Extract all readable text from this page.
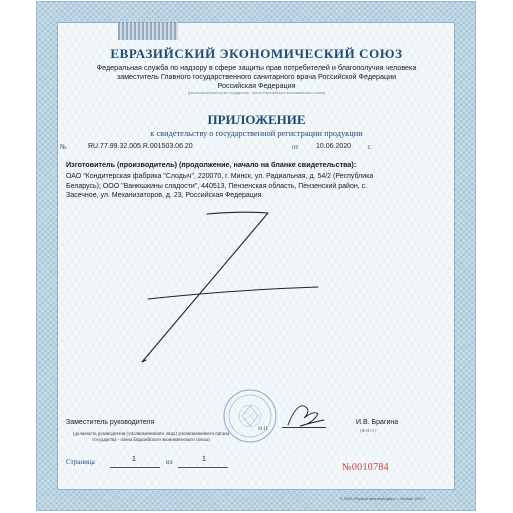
ЕВРАЗИЙСКИЙ ЭКОНОМИЧЕСКИЙ СОЮЗ
Федеральная служба по надзору в сфере защиты прав потребителей и благополучия человека
заместитель Главного государственного санитарного врача Российской Федерации
Российская Федерация
(уполномоченный орган государства - члена Евразийского экономического союза)
ПРИЛОЖЕНИЕ
к свидетельству о государственной регистрации продукции
№	RU.77.99.32.005.R.001503.06.20	от	10.06.2020 г.
Изготовитель (производитель) (продолжение, начало на бланке свидетельства):
ОАО "Кондитерская фабрика "Слодыч", 220070, г. Минск, ул. Радиальная, д. 54/2 (Республика Беларусь); ООО "Ванюшкины сладости", 440513, Пензенская область, Пензенский район, с. Засечное, ул. Механизаторов, д. 23, Российская Федерация
Заместитель руководителя
М.П.
И.В. Брагина
(Ф.И.О.)
(должность руководителя (уполномоченного лица) уполномоченного органа государства - члена Евразийского экономического союза)
Страница	1	из	1
№0010784
© 2000 «Первый печатный двор», г. Москва, 2019 г.
